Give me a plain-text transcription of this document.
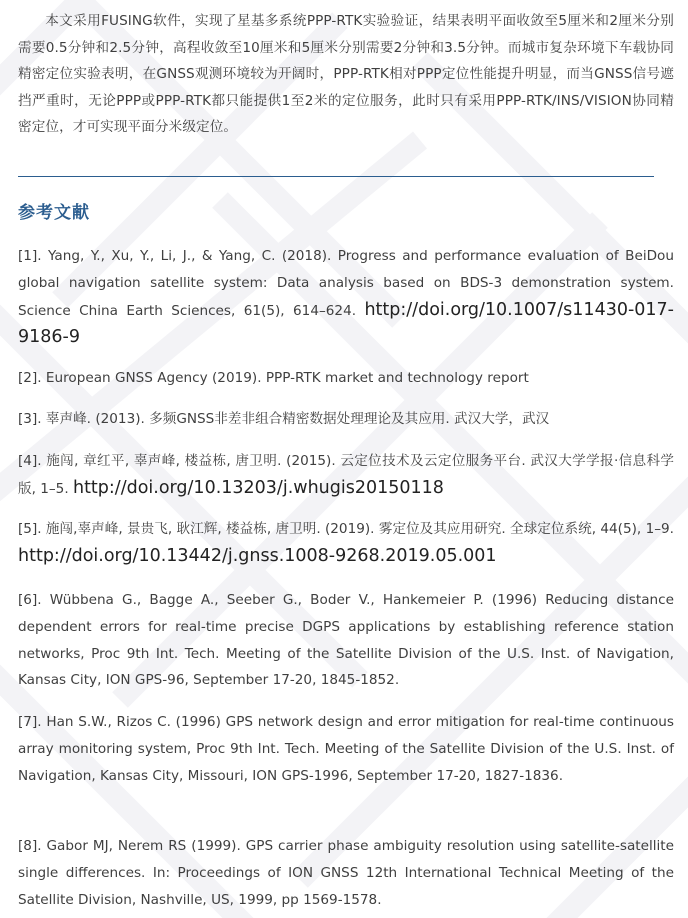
本文采用FUSING软件，实现了星基多系统PPP-RTK实验验证，结果表明平面收敛至5厘米和2厘米分别需要0.5分钟和2.5分钟，高程收敛至10厘米和5厘米分别需要2分钟和3.5分钟。而城市复杂环境下车载协同精密定位实验表明，在GNSS观测环境较为开阔时，PPP-RTK相对PPP定位性能提升明显，而当GNSS信号遮挡严重时，无论PPP或PPP-RTK都只能提供1至2米的定位服务，此时只有采用PPP-RTK/INS/VISION协同精密定位，才可实现平面分米级定位。

参考文献

[1]. Yang, Y., Xu, Y., Li, J., & Yang, C. (2018). Progress and performance evaluation of BeiDou global navigation satellite system: Data analysis based on BDS-3 demonstration system. Science China Earth Sciences, 61(5), 614–624. http://doi.org/10.1007/s11430-017-9186-9

[2]. European GNSS Agency (2019). PPP-RTK market and technology report

[3]. 辜声峰. (2013). 多频GNSS非差非组合精密数据处理理论及其应用. 武汉大学，武汉

[4]. 施闯, 章红平, 辜声峰, 楼益栋, 唐卫明. (2015). 云定位技术及云定位服务平台. 武汉大学学报·信息科学版, 1–5. http://doi.org/10.13203/j.whugis20150118

[5]. 施闯,辜声峰, 景贵飞, 耿江辉, 楼益栋, 唐卫明. (2019). 雾定位及其应用研究. 全球定位系统, 44(5), 1–9. http://doi.org/10.13442/j.gnss.1008-9268.2019.05.001

[6]. Wübbena G., Bagge A., Seeber G., Boder V., Hankemeier P. (1996) Reducing distance dependent errors for real-time precise DGPS applications by establishing reference station networks, Proc 9th Int. Tech. Meeting of the Satellite Division of the U.S. Inst. of Navigation, Kansas City, ION GPS-96, September 17-20, 1845-1852.

[7]. Han S.W., Rizos C. (1996) GPS network design and error mitigation for real-time continuous array monitoring system, Proc 9th Int. Tech. Meeting of the Satellite Division of the U.S. Inst. of Navigation, Kansas City, Missouri, ION GPS-1996, September 17-20, 1827-1836.

[8]. Gabor MJ, Nerem RS (1999). GPS carrier phase ambiguity resolution using satellite-satellite single differences. In: Proceedings of ION GNSS 12th International Technical Meeting of the Satellite Division, Nashville, US, 1999, pp 1569-1578.
